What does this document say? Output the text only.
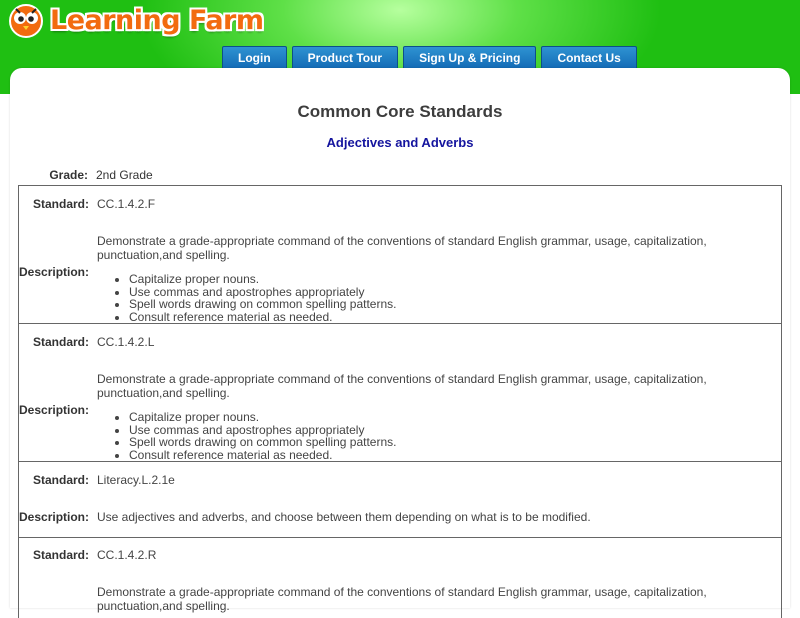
Learning Farm
Login	Product Tour	Sign Up & Pricing	Contact Us
Common Core Standards
Adjectives and Adverbs
Grade: 2nd Grade
Standard: CC.1.4.2.F
Description:
Demonstrate a grade-appropriate command of the conventions of standard English grammar, usage, capitalization, punctuation,and spelling.
• Capitalize proper nouns.
• Use commas and apostrophes appropriately
• Spell words drawing on common spelling patterns.
• Consult reference material as needed.
Standard: CC.1.4.2.L
Description:
Demonstrate a grade-appropriate command of the conventions of standard English grammar, usage, capitalization, punctuation,and spelling.
• Capitalize proper nouns.
• Use commas and apostrophes appropriately
• Spell words drawing on common spelling patterns.
• Consult reference material as needed.
Standard: Literacy.L.2.1e
Description: Use adjectives and adverbs, and choose between them depending on what is to be modified.
Standard: CC.1.4.2.R
Demonstrate a grade-appropriate command of the conventions of standard English grammar, usage, capitalization, punctuation,and spelling.
